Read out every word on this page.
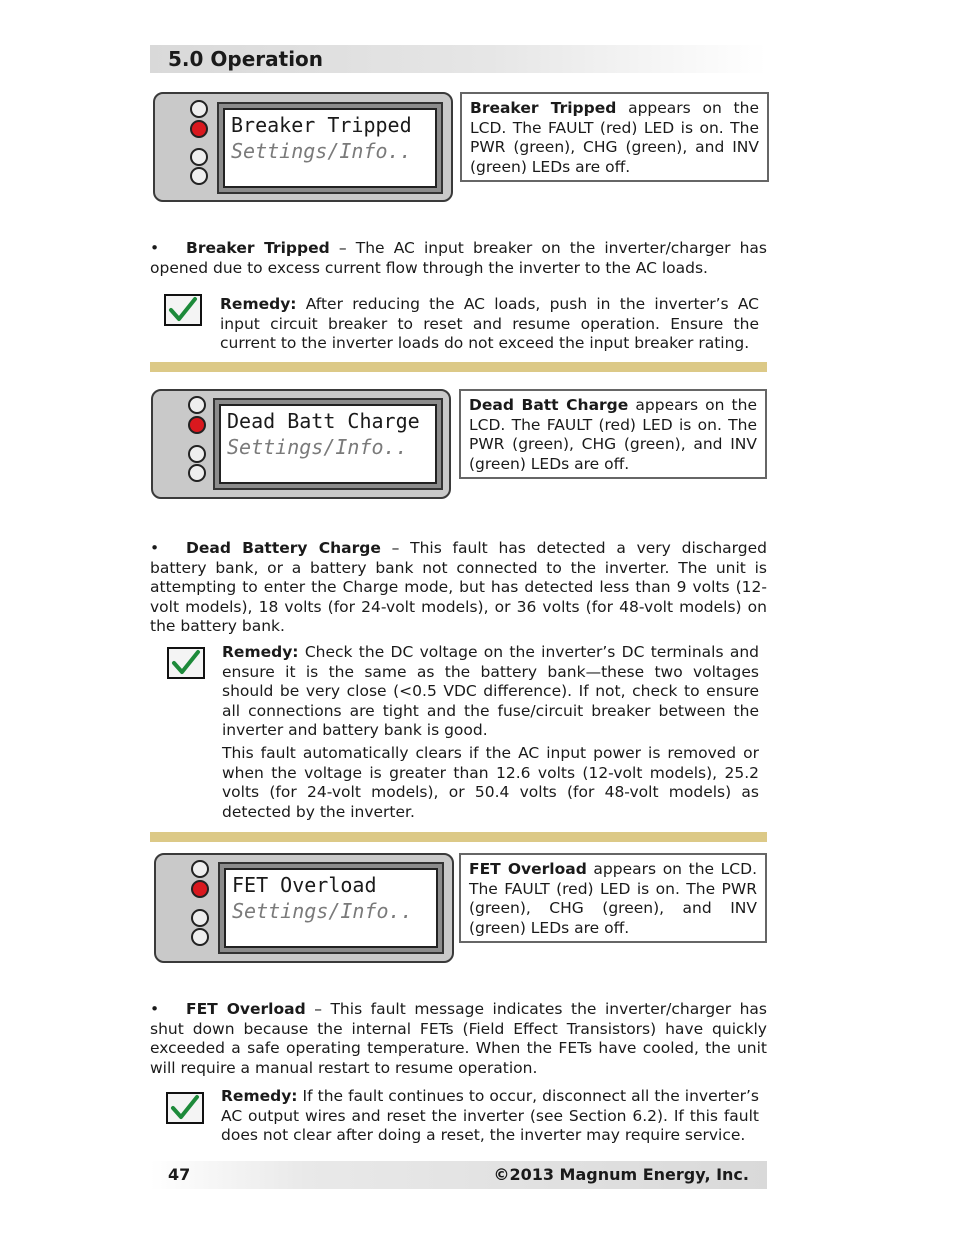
5.0 Operation
Breaker Tripped
Settings/Info..
Breaker Tripped appears on the LCD. The FAULT (red) LED is on. The PWR (green), CHG (green), and INV (green) LEDs are off.
• Breaker Tripped – The AC input breaker on the inverter/charger has opened due to excess current flow through the inverter to the AC loads.
Remedy: After reducing the AC loads, push in the inverter’s AC input circuit breaker to reset and resume operation. Ensure the current to the inverter loads do not exceed the input breaker rating.
Dead Batt Charge
Settings/Info..
Dead Batt Charge appears on the LCD. The FAULT (red) LED is on. The PWR (green), CHG (green), and INV (green) LEDs are off.
• Dead Battery Charge – This fault has detected a very discharged battery bank, or a battery bank not connected to the inverter. The unit is attempting to enter the Charge mode, but has detected less than 9 volts (12-volt models), 18 volts (for 24-volt models), or 36 volts (for 48-volt models) on the battery bank.
Remedy: Check the DC voltage on the inverter’s DC terminals and ensure it is the same as the battery bank—these two voltages should be very close (<0.5 VDC difference). If not, check to ensure all connections are tight and the fuse/circuit breaker between the inverter and battery bank is good.
This fault automatically clears if the AC input power is removed or when the voltage is greater than 12.6 volts (12-volt models), 25.2 volts (for 24-volt models), or 50.4 volts (for 48-volt models) as detected by the inverter.
FET Overload
Settings/Info..
FET Overload appears on the LCD. The FAULT (red) LED is on. The PWR (green), CHG (green), and INV (green) LEDs are off.
• FET Overload – This fault message indicates the inverter/charger has shut down because the internal FETs (Field Effect Transistors) have quickly exceeded a safe operating temperature. When the FETs have cooled, the unit will require a manual restart to resume operation.
Remedy: If the fault continues to occur, disconnect all the inverter’s AC output wires and reset the inverter (see Section 6.2). If this fault does not clear after doing a reset, the inverter may require service.
47	©2013 Magnum Energy, Inc.
